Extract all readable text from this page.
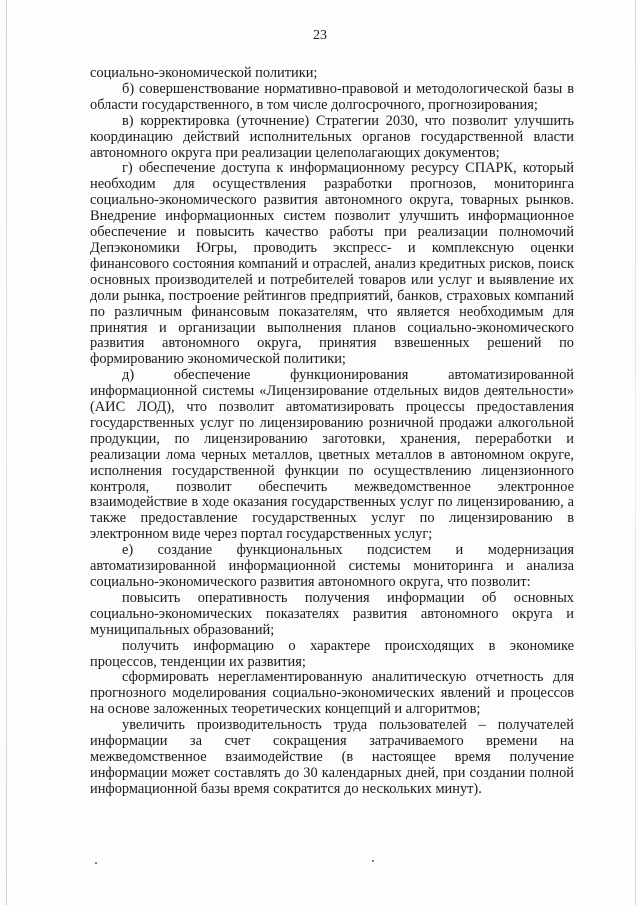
23

социально-экономической политики;

б) совершенствование нормативно-правовой и методологической базы в области государственного, в том числе долгосрочного, прогнозирования;

в) корректировка (уточнение) Стратегии 2030, что позволит улучшить координацию действий исполнительных органов государственной власти автономного округа при реализации целеполагающих документов;

г) обеспечение доступа к информационному ресурсу СПАРК, который необходим для осуществления разработки прогнозов, мониторинга социально-экономического развития автономного округа, товарных рынков. Внедрение информационных систем позволит улучшить информационное обеспечение и повысить качество работы при реализации полномочий Депэкономики Югры, проводить экспресс- и комплексную оценки финансового состояния компаний и отраслей, анализ кредитных рисков, поиск основных производителей и потребителей товаров или услуг и выявление их доли рынка, построение рейтингов предприятий, банков, страховых компаний по различным финансовым показателям, что является необходимым для принятия и организации выполнения планов социально-экономического развития автономного округа, принятия взвешенных решений по формированию экономической политики;

д) обеспечение функционирования автоматизированной информационной системы «Лицензирование отдельных видов деятельности» (АИС ЛОД), что позволит автоматизировать процессы предоставления государственных услуг по лицензированию розничной продажи алкогольной продукции, по лицензированию заготовки, хранения, переработки и реализации лома черных металлов, цветных металлов в автономном округе, исполнения государственной функции по осуществлению лицензионного контроля, позволит обеспечить межведомственное электронное взаимодействие в ходе оказания государственных услуг по лицензированию, а также предоставление государственных услуг по лицензированию в электронном виде через портал государственных услуг;

е) создание функциональных подсистем и модернизация автоматизированной информационной системы мониторинга и анализа социально-экономического развития автономного округа, что позволит:

повысить оперативность получения информации об основных социально-экономических показателях развития автономного округа и муниципальных образований;

получить информацию о характере происходящих в экономике процессов, тенденции их развития;

сформировать нерегламентированную аналитическую отчетность для прогнозного моделирования социально-экономических явлений и процессов на основе заложенных теоретических концепций и алгоритмов;

увеличить производительность труда пользователей – получателей информации за счет сокращения затрачиваемого времени на межведомственное взаимодействие (в настоящее время получение информации может составлять до 30 календарных дней, при создании полной информационной базы время сократится до нескольких минут).
